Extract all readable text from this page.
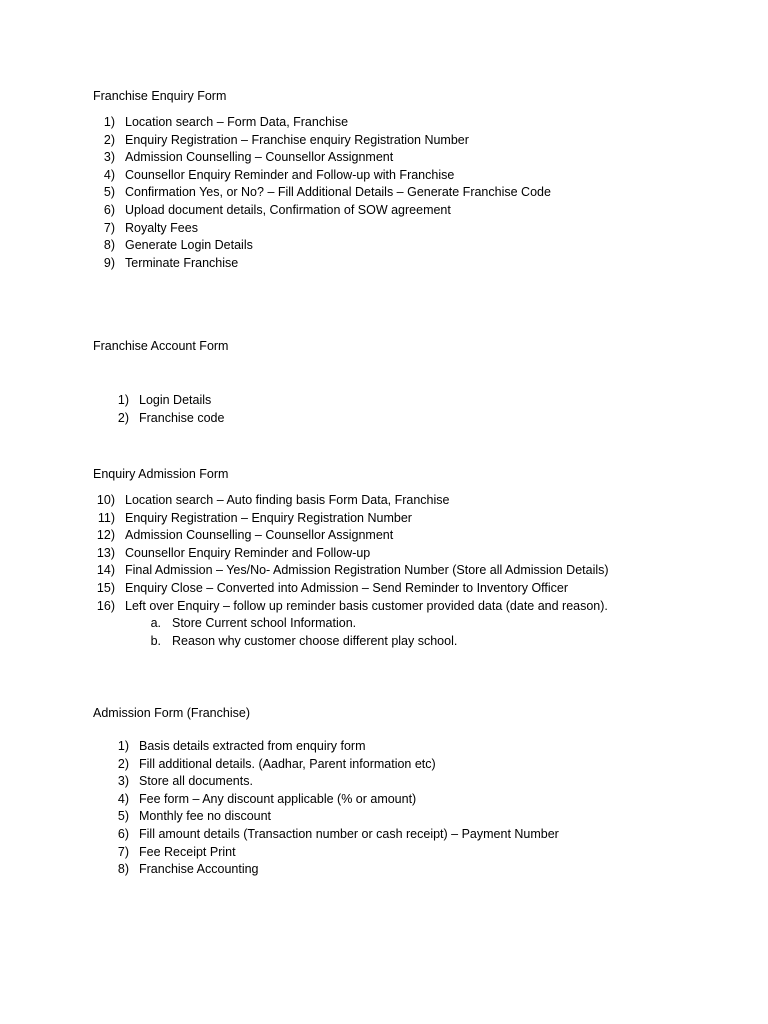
Franchise Enquiry Form
1) Location search – Form Data, Franchise
2) Enquiry Registration – Franchise enquiry Registration Number
3) Admission Counselling – Counsellor Assignment
4) Counsellor Enquiry Reminder and Follow-up with Franchise
5) Confirmation Yes, or No? – Fill Additional Details – Generate Franchise Code
6) Upload document details, Confirmation of SOW agreement
7) Royalty Fees
8) Generate Login Details
9) Terminate Franchise
Franchise Account Form
1) Login Details
2) Franchise code
Enquiry Admission Form
10) Location search – Auto finding basis Form Data, Franchise
11) Enquiry Registration – Enquiry Registration Number
12) Admission Counselling – Counsellor Assignment
13) Counsellor Enquiry Reminder and Follow-up
14) Final Admission – Yes/No- Admission Registration Number (Store all Admission Details)
15) Enquiry Close – Converted into Admission – Send Reminder to Inventory Officer
16) Left over Enquiry – follow up reminder basis customer provided data (date and reason).
a. Store Current school Information.
b. Reason why customer choose different play school.
Admission Form (Franchise)
1) Basis details extracted from enquiry form
2) Fill additional details. (Aadhar, Parent information etc)
3) Store all documents.
4) Fee form – Any discount applicable (% or amount)
5) Monthly fee no discount
6) Fill amount details (Transaction number or cash receipt) – Payment Number
7) Fee Receipt Print
8) Franchise Accounting
